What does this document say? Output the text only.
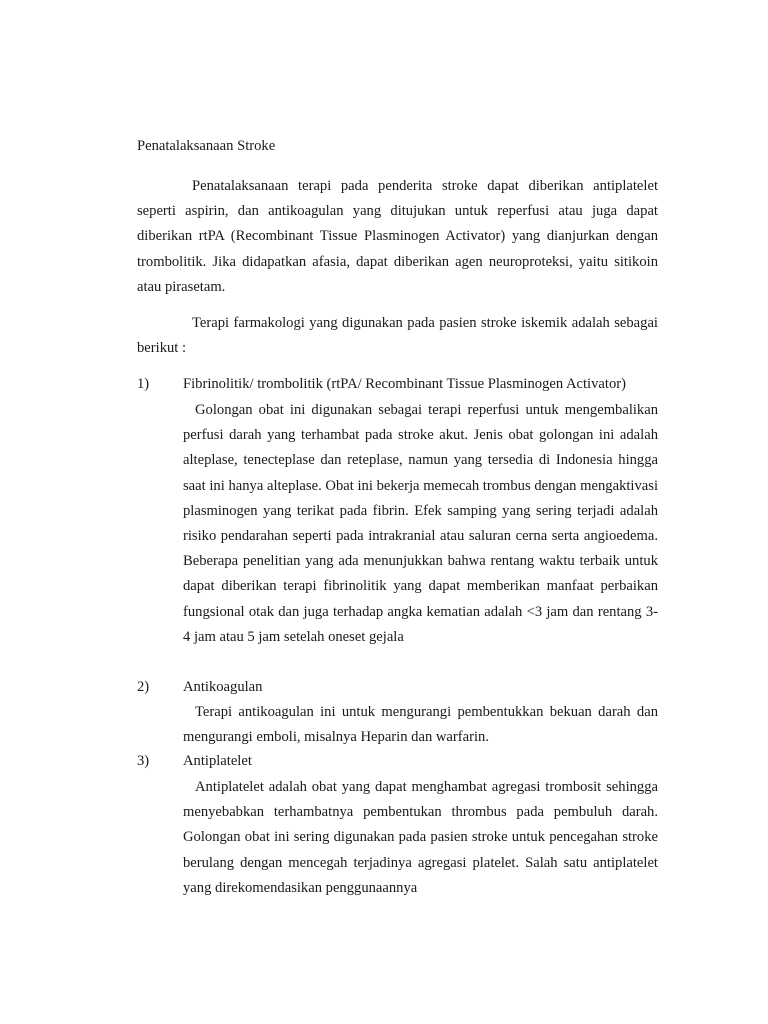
Penatalaksanaan Stroke

Penatalaksanaan terapi pada penderita stroke dapat diberikan antiplatelet seperti aspirin, dan antikoagulan yang ditujukan untuk reperfusi atau juga dapat diberikan rtPA (Recombinant Tissue Plasminogen Activator) yang dianjurkan dengan trombolitik. Jika didapatkan afasia, dapat diberikan agen neuroproteksi, yaitu sitikoin atau pirasetam.

Terapi farmakologi yang digunakan pada pasien stroke iskemik adalah sebagai berikut :

1) Fibrinolitik/ trombolitik (rtPA/ Recombinant Tissue Plasminogen Activator)

Golongan obat ini digunakan sebagai terapi reperfusi untuk mengembalikan perfusi darah yang terhambat pada stroke akut. Jenis obat golongan ini adalah alteplase, tenecteplase dan reteplase, namun yang tersedia di Indonesia hingga saat ini hanya alteplase. Obat ini bekerja memecah trombus dengan mengaktivasi plasminogen yang terikat pada fibrin. Efek samping yang sering terjadi adalah risiko pendarahan seperti pada intrakranial atau saluran cerna serta angioedema. Beberapa penelitian yang ada menunjukkan bahwa rentang waktu terbaik untuk dapat diberikan terapi fibrinolitik yang dapat memberikan manfaat perbaikan fungsional otak dan juga terhadap angka kematian adalah <3 jam dan rentang 3-4 jam atau 5 jam setelah oneset gejala

2) Antikoagulan

Terapi antikoagulan ini untuk mengurangi pembentukkan bekuan darah dan mengurangi emboli, misalnya Heparin dan warfarin.

3) Antiplatelet

Antiplatelet adalah obat yang dapat menghambat agregasi trombosit sehingga menyebabkan terhambatnya pembentukan thrombus pada pembuluh darah. Golongan obat ini sering digunakan pada pasien stroke untuk pencegahan stroke berulang dengan mencegah terjadinya agregasi platelet. Salah satu antiplatelet yang direkomendasikan penggunaannya
